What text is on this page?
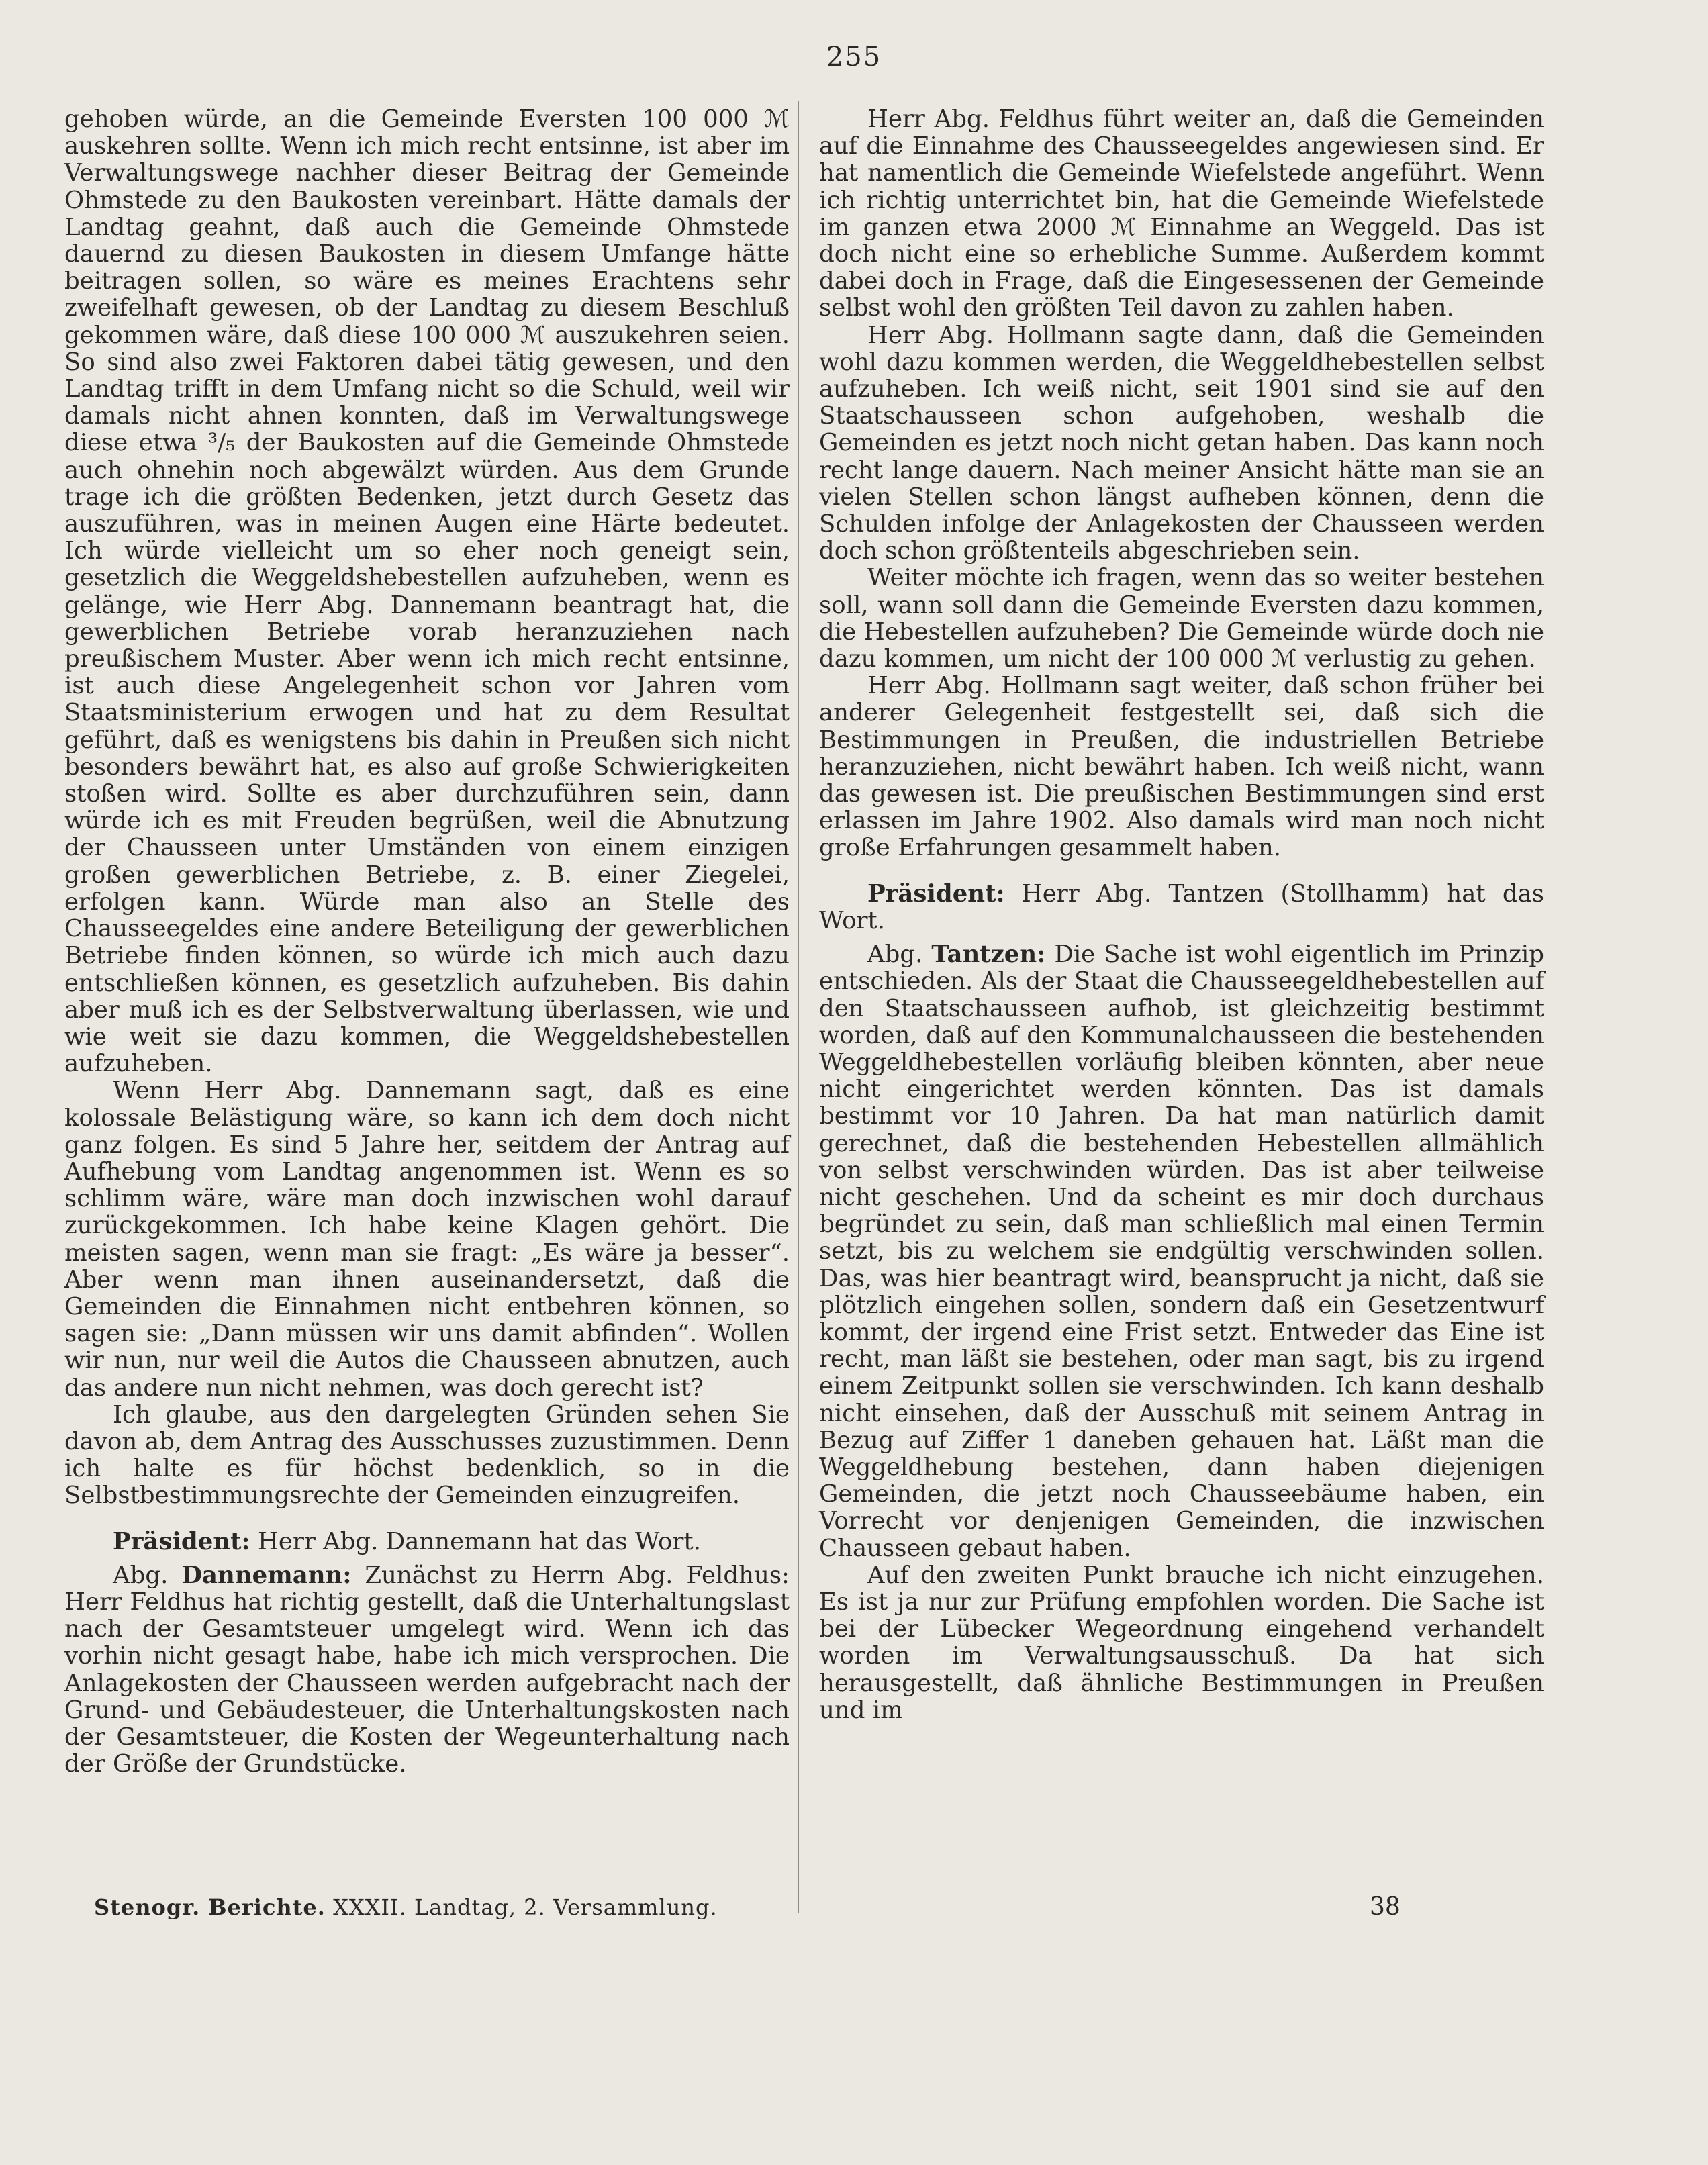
255

gehoben würde, an die Gemeinde Eversten 100 000 ℳ auskehren sollte. Wenn ich mich recht entsinne, ist aber im Verwaltungswege nachher dieser Beitrag der Gemeinde Ohmstede zu den Baukosten vereinbart. Hätte damals der Landtag geahnt, daß auch die Gemeinde Ohmstede dauernd zu diesen Baukosten in diesem Umfange hätte beitragen sollen, so wäre es meines Erachtens sehr zweifelhaft gewesen, ob der Landtag zu diesem Beschluß gekommen wäre, daß diese 100 000 ℳ auszukehren seien. So sind also zwei Faktoren dabei tätig gewesen, und den Landtag trifft in dem Umfang nicht so die Schuld, weil wir damals nicht ahnen konnten, daß im Verwaltungswege diese etwa ³/₅ der Baukosten auf die Gemeinde Ohmstede auch ohnehin noch abgewälzt würden. Aus dem Grunde trage ich die größten Bedenken, jetzt durch Gesetz das auszuführen, was in meinen Augen eine Härte bedeutet. Ich würde vielleicht um so eher noch geneigt sein, gesetzlich die Weggeldshebestellen aufzuheben, wenn es gelänge, wie Herr Abg. Dannemann beantragt hat, die gewerblichen Betriebe vorab heranzuziehen nach preußischem Muster. Aber wenn ich mich recht entsinne, ist auch diese Angelegenheit schon vor Jahren vom Staatsministerium erwogen und hat zu dem Resultat geführt, daß es wenigstens bis dahin in Preußen sich nicht besonders bewährt hat, es also auf große Schwierigkeiten stoßen wird. Sollte es aber durchzuführen sein, dann würde ich es mit Freuden begrüßen, weil die Abnutzung der Chausseen unter Umständen von einem einzigen großen gewerblichen Betriebe, z. B. einer Ziegelei, erfolgen kann. Würde man also an Stelle des Chausseegeldes eine andere Beteiligung der gewerblichen Betriebe finden können, so würde ich mich auch dazu entschließen können, es gesetzlich aufzuheben. Bis dahin aber muß ich es der Selbstverwaltung überlassen, wie und wie weit sie dazu kommen, die Weggeldshebestellen aufzuheben.

Wenn Herr Abg. Dannemann sagt, daß es eine kolossale Belästigung wäre, so kann ich dem doch nicht ganz folgen. Es sind 5 Jahre her, seitdem der Antrag auf Aufhebung vom Landtag angenommen ist. Wenn es so schlimm wäre, wäre man doch inzwischen wohl darauf zurückgekommen. Ich habe keine Klagen gehört. Die meisten sagen, wenn man sie fragt: „Es wäre ja besser“. Aber wenn man ihnen auseinandersetzt, daß die Gemeinden die Einnahmen nicht entbehren können, so sagen sie: „Dann müssen wir uns damit abfinden“. Wollen wir nun, nur weil die Autos die Chausseen abnutzen, auch das andere nun nicht nehmen, was doch gerecht ist?

Ich glaube, aus den dargelegten Gründen sehen Sie davon ab, dem Antrag des Ausschusses zuzustimmen. Denn ich halte es für höchst bedenklich, so in die Selbstbestimmungsrechte der Gemeinden einzugreifen.

Präsident: Herr Abg. Dannemann hat das Wort.

Abg. Dannemann: Zunächst zu Herrn Abg. Feldhus: Herr Feldhus hat richtig gestellt, daß die Unterhaltungslast nach der Gesamtsteuer umgelegt wird. Wenn ich das vorhin nicht gesagt habe, habe ich mich versprochen. Die Anlagekosten der Chausseen werden aufgebracht nach der Grund- und Gebäudesteuer, die Unterhaltungskosten nach der Gesamtsteuer, die Kosten der Wegeunterhaltung nach der Größe der Grundstücke.

Herr Abg. Feldhus führt weiter an, daß die Gemeinden auf die Einnahme des Chausseegeldes angewiesen sind. Er hat namentlich die Gemeinde Wiefelstede angeführt. Wenn ich richtig unterrichtet bin, hat die Gemeinde Wiefelstede im ganzen etwa 2000 ℳ Einnahme an Weggeld. Das ist doch nicht eine so erhebliche Summe. Außerdem kommt dabei doch in Frage, daß die Eingesessenen der Gemeinde selbst wohl den größten Teil davon zu zahlen haben.

Herr Abg. Hollmann sagte dann, daß die Gemeinden wohl dazu kommen werden, die Weggeldhebestellen selbst aufzuheben. Ich weiß nicht, seit 1901 sind sie auf den Staatschausseen schon aufgehoben, weshalb die Gemeinden es jetzt noch nicht getan haben. Das kann noch recht lange dauern. Nach meiner Ansicht hätte man sie an vielen Stellen schon längst aufheben können, denn die Schulden infolge der Anlagekosten der Chausseen werden doch schon größtenteils abgeschrieben sein.

Weiter möchte ich fragen, wenn das so weiter bestehen soll, wann soll dann die Gemeinde Eversten dazu kommen, die Hebestellen aufzuheben? Die Gemeinde würde doch nie dazu kommen, um nicht der 100 000 ℳ verlustig zu gehen.

Herr Abg. Hollmann sagt weiter, daß schon früher bei anderer Gelegenheit festgestellt sei, daß sich die Bestimmungen in Preußen, die industriellen Betriebe heranzuziehen, nicht bewährt haben. Ich weiß nicht, wann das gewesen ist. Die preußischen Bestimmungen sind erst erlassen im Jahre 1902. Also damals wird man noch nicht große Erfahrungen gesammelt haben.

Präsident: Herr Abg. Tantzen (Stollhamm) hat das Wort.

Abg. Tantzen: Die Sache ist wohl eigentlich im Prinzip entschieden. Als der Staat die Chausseegeldhebestellen auf den Staatschausseen aufhob, ist gleichzeitig bestimmt worden, daß auf den Kommunalchausseen die bestehenden Weggeldhebestellen vorläufig bleiben könnten, aber neue nicht eingerichtet werden könnten. Das ist damals bestimmt vor 10 Jahren. Da hat man natürlich damit gerechnet, daß die bestehenden Hebestellen allmählich von selbst verschwinden würden. Das ist aber teilweise nicht geschehen. Und da scheint es mir doch durchaus begründet zu sein, daß man schließlich mal einen Termin setzt, bis zu welchem sie endgültig verschwinden sollen. Das, was hier beantragt wird, beansprucht ja nicht, daß sie plötzlich eingehen sollen, sondern daß ein Gesetzentwurf kommt, der irgend eine Frist setzt. Entweder das Eine ist recht, man läßt sie bestehen, oder man sagt, bis zu irgend einem Zeitpunkt sollen sie verschwinden. Ich kann deshalb nicht einsehen, daß der Ausschuß mit seinem Antrag in Bezug auf Ziffer 1 daneben gehauen hat. Läßt man die Weggeldhebung bestehen, dann haben diejenigen Gemeinden, die jetzt noch Chausseebäume haben, ein Vorrecht vor denjenigen Gemeinden, die inzwischen Chausseen gebaut haben.

Auf den zweiten Punkt brauche ich nicht einzugehen. Es ist ja nur zur Prüfung empfohlen worden. Die Sache ist bei der Lübecker Wegeordnung eingehend verhandelt worden im Verwaltungsausschuß. Da hat sich herausgestellt, daß ähnliche Bestimmungen in Preußen und im

Stenogr. Berichte. XXXII. Landtag, 2. Versammlung.	38
